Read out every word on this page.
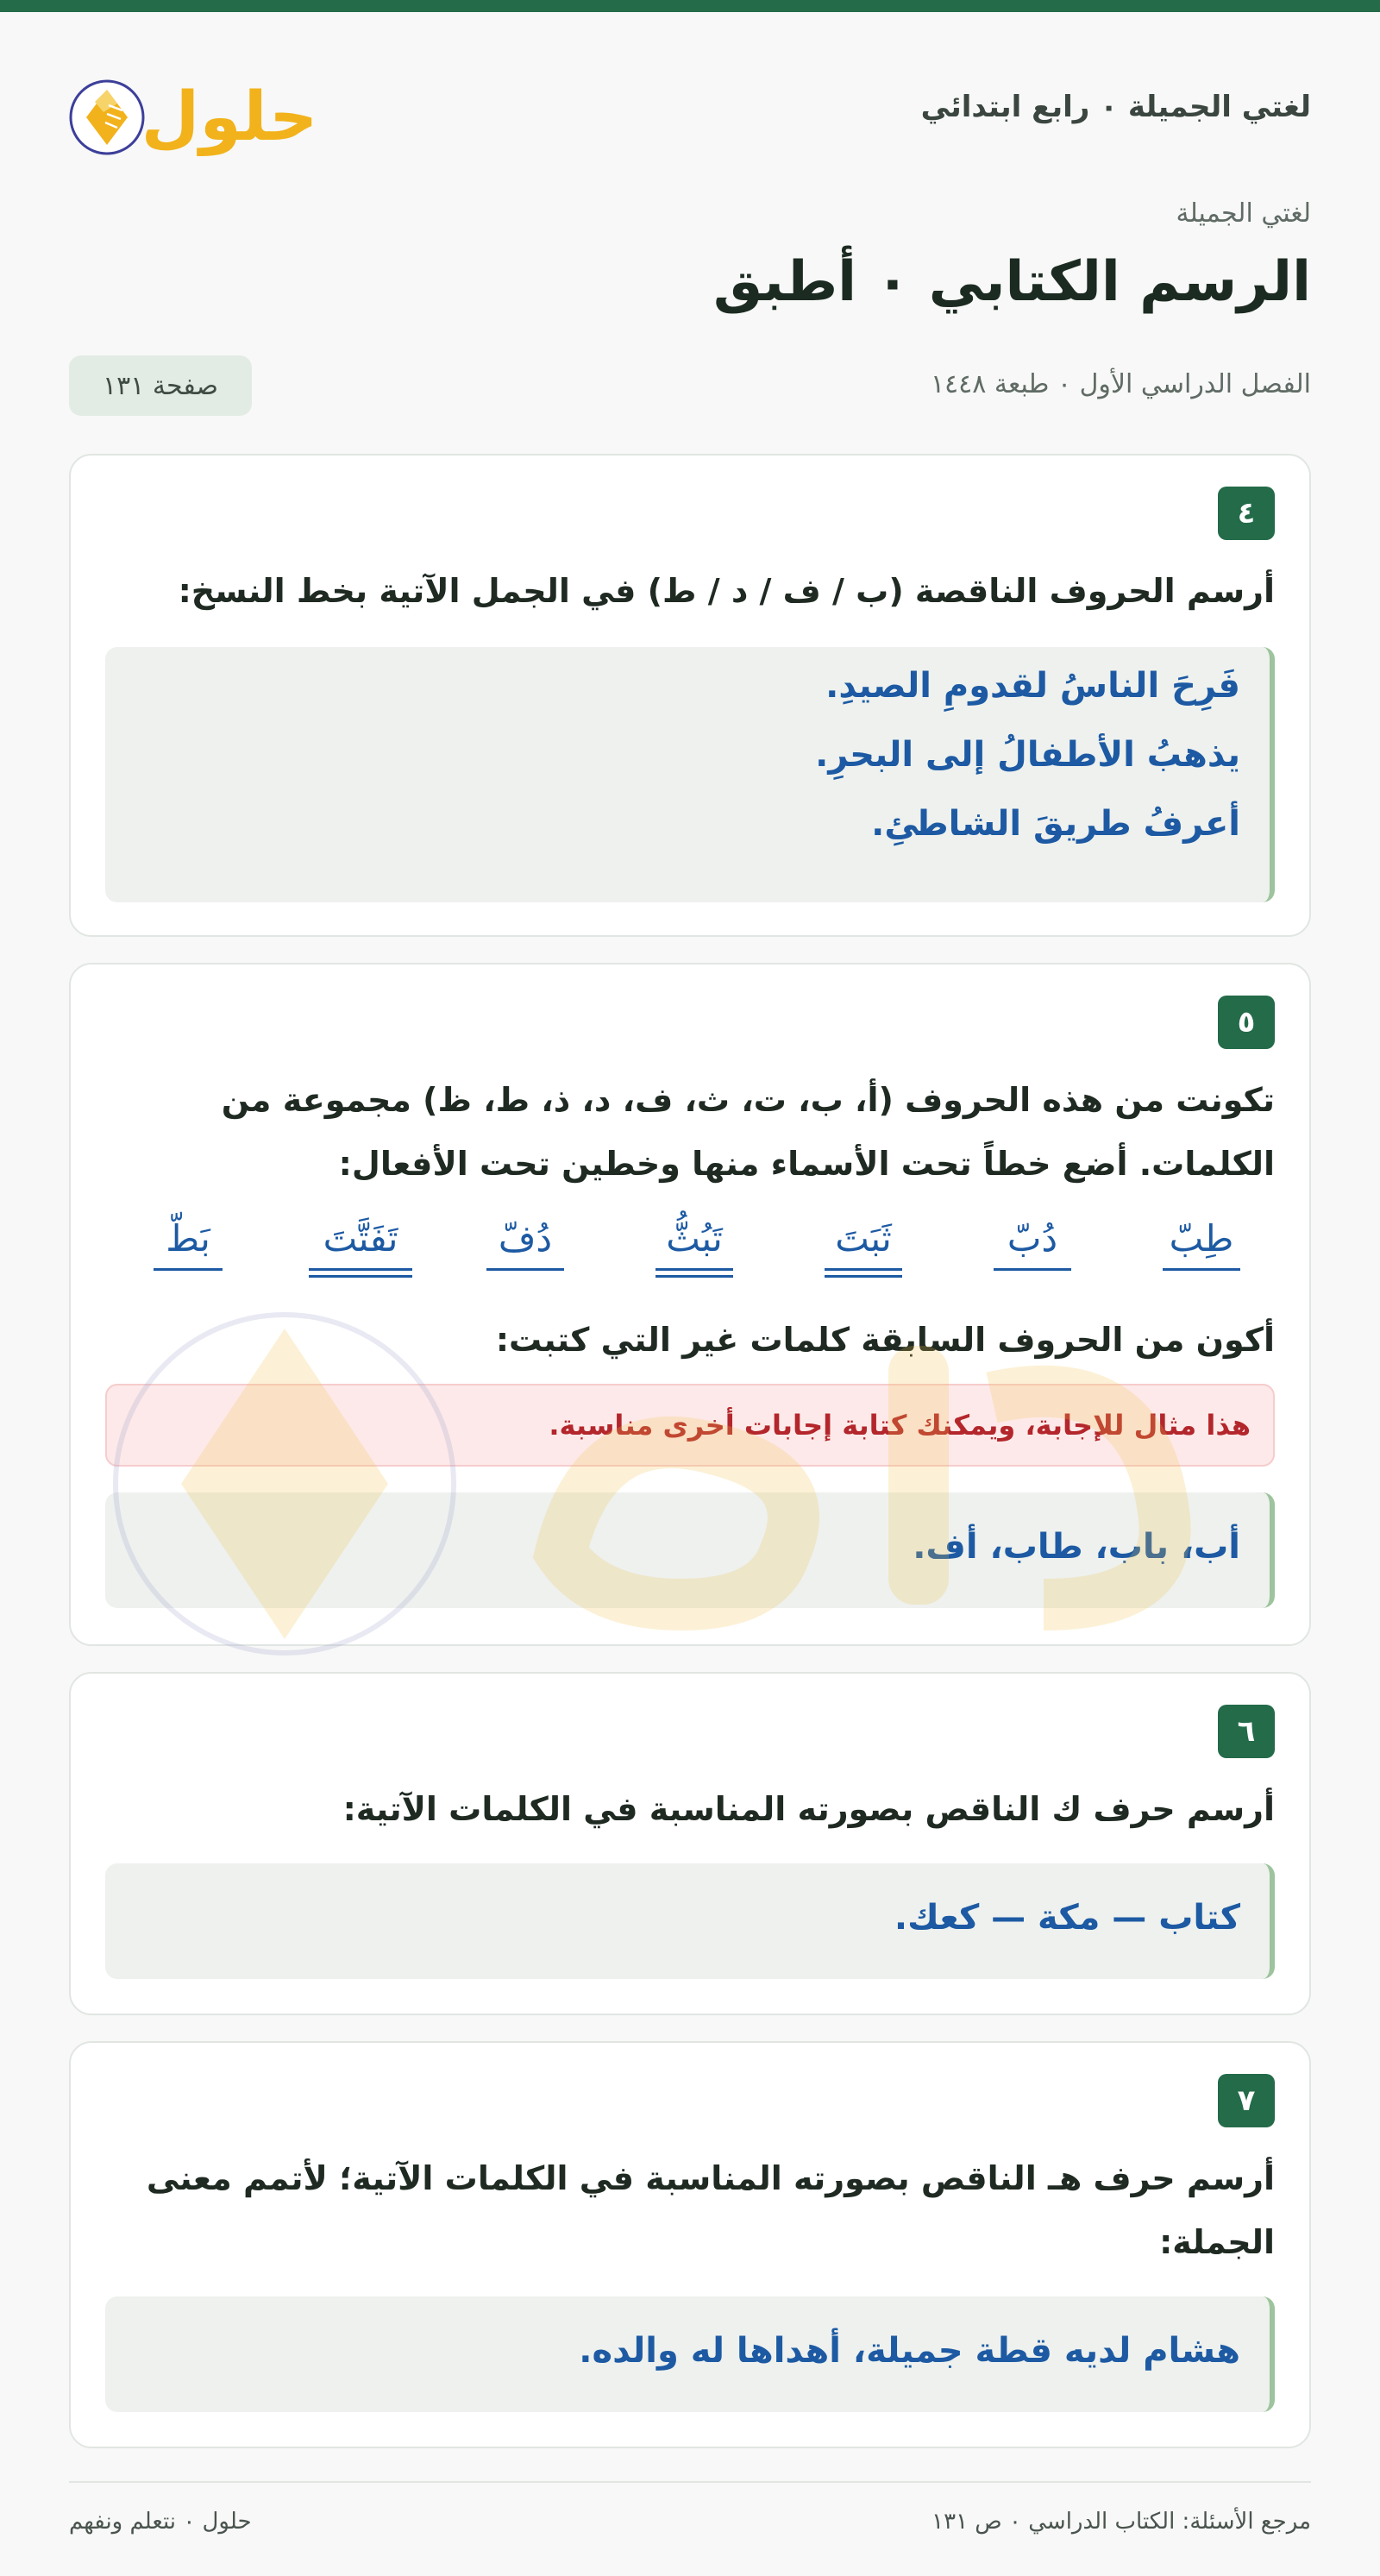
لغتي الجميلة ٠ رابع ابتدائي
حلول
لغتي الجميلة
الرسم الكتابي ٠ أطبق
الفصل الدراسي الأول ٠ طبعة ١٤٤٨
صفحة ١٣١
٤

أرسم الحروف الناقصة (ب / ف / د / ط) في الجمل الآتية بخط النسخ:

فَرِحَ الناسُ لقدومِ الصيدِ.
يذهبُ الأطفالُ إلى البحرِ.
أعرفُ طريقَ الشاطئِ.
٥

تكونت من هذه الحروف (أ، ب، ت، ث، ف، د، ذ، ط، ظ) مجموعة من الكلمات. أضع خطاً تحت الأسماء منها وخطين تحت الأفعال:

طِبّ
دُبّ
ثَبَتَ
تَبُثُّ
دُفّ
تَفَتَّتَ
بَطّ

أكون من الحروف السابقة كلمات غير التي كتبت:

هذا مثال للإجابة، ويمكنك كتابة إجابات أخرى مناسبة.
أب، باب، طاب، أف.
٦

أرسم حرف ك الناقص بصورته المناسبة في الكلمات الآتية:

كتاب — مكة — كعك.
٧

أرسم حرف هـ الناقص بصورته المناسبة في الكلمات الآتية؛ لأتمم معنى الجملة:

هشام لديه قطة جميلة، أهداها له والده.
مرجع الأسئلة: الكتاب الدراسي ٠ ص ١٣١
حلول ٠ نتعلم ونفهم
